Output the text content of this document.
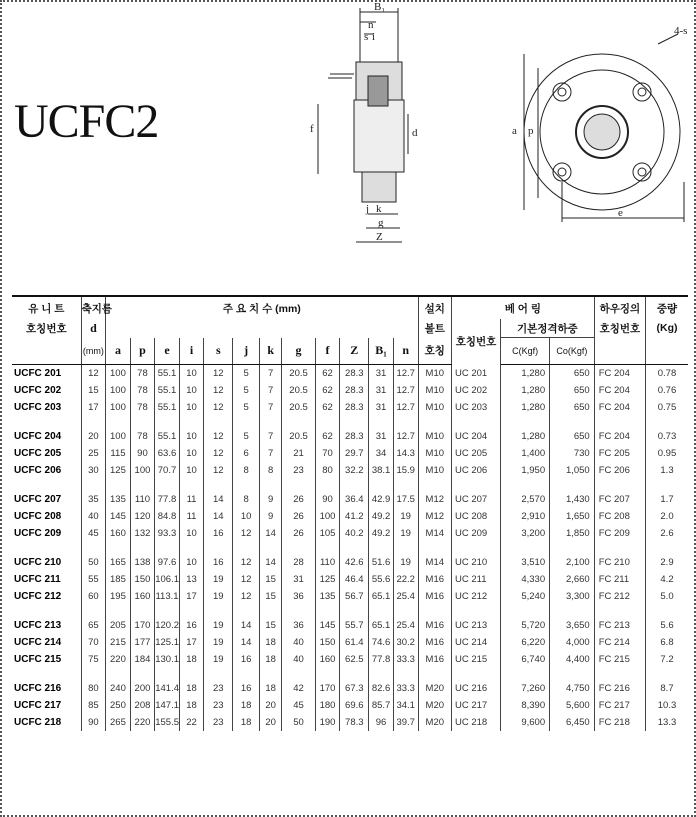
UCFC2
B₁
n
s i
f	d
j k
g
Z
4-s
a p
e
유 니 트	축지름	주 요 치 수 (mm)												설치	베 어 링			하우징의	중량
호칭번호	d													볼트	호칭번호	기본정격하중		호칭번호	(Kg)
	(mm)	a	p	e	i	s	j	k	g	f	Z	B₁	n	호칭		C(Kgf)	Co(Kgf)		
UCFC 201	12	100	78	55.1	10	12	5	7	20.5	62	28.3	31	12.7	M10	UC 201	1,280	650	FC 204	0.78
UCFC 202	15	100	78	55.1	10	12	5	7	20.5	62	28.3	31	12.7	M10	UC 202	1,280	650	FC 204	0.76
UCFC 203	17	100	78	55.1	10	12	5	7	20.5	62	28.3	31	12.7	M10	UC 203	1,280	650	FC 204	0.75

UCFC 204	20	100	78	55.1	10	12	5	7	20.5	62	28.3	31	12.7	M10	UC 204	1,280	650	FC 204	0.73
UCFC 205	25	115	90	63.6	10	12	6	7	21	70	29.7	34	14.3	M10	UC 205	1,400	730	FC 205	0.95
UCFC 206	30	125	100	70.7	10	12	8	8	23	80	32.2	38.1	15.9	M10	UC 206	1,950	1,050	FC 206	1.3

UCFC 207	35	135	110	77.8	11	14	8	9	26	90	36.4	42.9	17.5	M12	UC 207	2,570	1,430	FC 207	1.7
UCFC 208	40	145	120	84.8	11	14	10	9	26	100	41.2	49.2	19	M12	UC 208	2,910	1,650	FC 208	2.0
UCFC 209	45	160	132	93.3	10	16	12	14	26	105	40.2	49.2	19	M14	UC 209	3,200	1,850	FC 209	2.6

UCFC 210	50	165	138	97.6	10	16	12	14	28	110	42.6	51.6	19	M14	UC 210	3,510	2,100	FC 210	2.9
UCFC 211	55	185	150	106.1	13	19	12	15	31	125	46.4	55.6	22.2	M16	UC 211	4,330	2,660	FC 211	4.2
UCFC 212	60	195	160	113.1	17	19	12	15	36	135	56.7	65.1	25.4	M16	UC 212	5,240	3,300	FC 212	5.0

UCFC 213	65	205	170	120.2	16	19	14	15	36	145	55.7	65.1	25.4	M16	UC 213	5,720	3,650	FC 213	5.6
UCFC 214	70	215	177	125.1	17	19	14	18	40	150	61.4	74.6	30.2	M16	UC 214	6,220	4,000	FC 214	6.8
UCFC 215	75	220	184	130.1	18	19	16	18	40	160	62.5	77.8	33.3	M16	UC 215	6,740	4,400	FC 215	7.2

UCFC 216	80	240	200	141.4	18	23	16	18	42	170	67.3	82.6	33.3	M20	UC 216	7,260	4,750	FC 216	8.7
UCFC 217	85	250	208	147.1	18	23	18	20	45	180	69.6	85.7	34.1	M20	UC 217	8,390	5,600	FC 217	10.3
UCFC 218	90	265	220	155.5	22	23	18	20	50	190	78.3	96	39.7	M20	UC 218	9,600	6,450	FC 218	13.3
